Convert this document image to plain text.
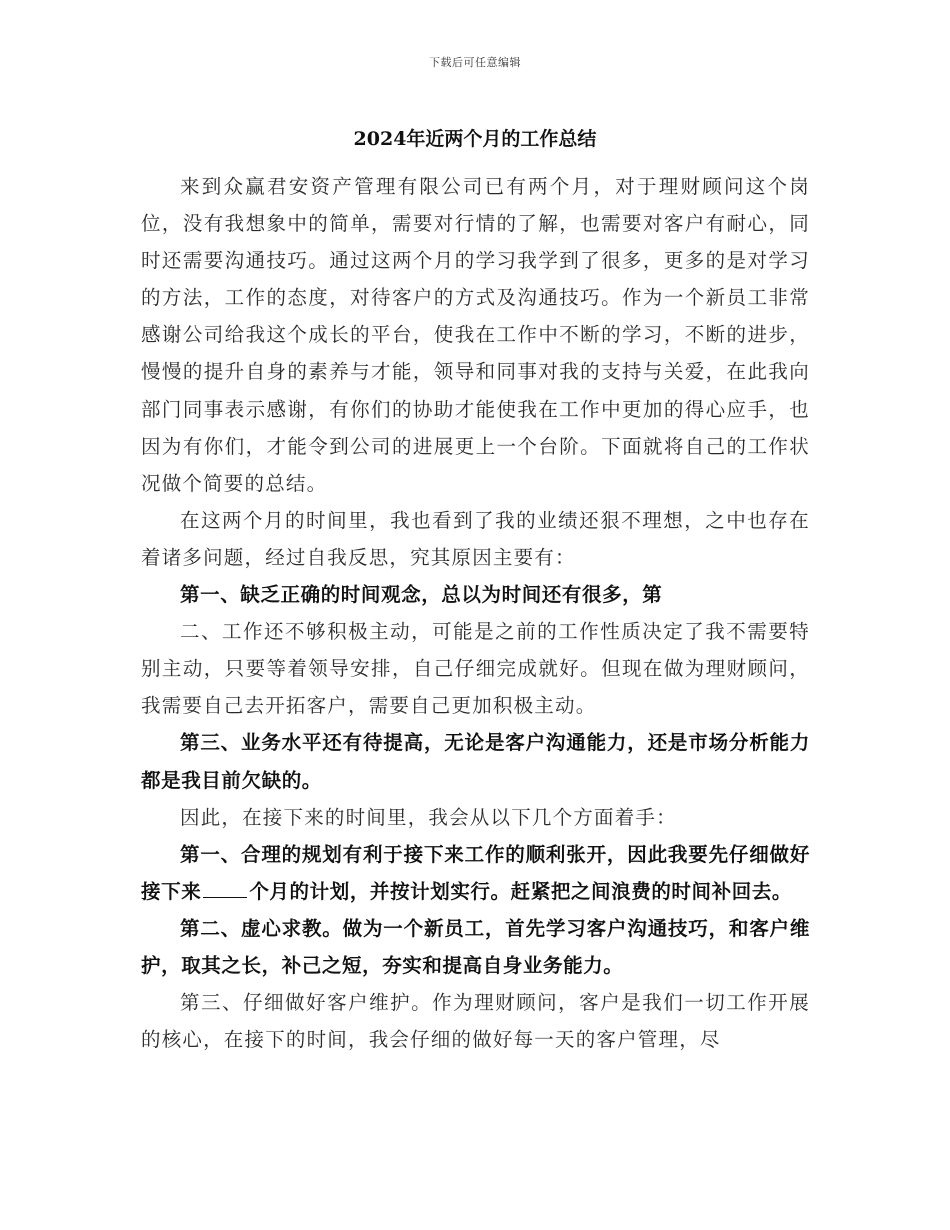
下载后可任意编辑
2024年近两个月的工作总结

来到众赢君安资产管理有限公司已有两个月，对于理财顾问这个岗位，没有我想象中的简单，需要对行情的了解，也需要对客户有耐心，同时还需要沟通技巧。通过这两个月的学习我学到了很多，更多的是对学习的方法，工作的态度，对待客户的方式及沟通技巧。作为一个新员工非常感谢公司给我这个成长的平台，使我在工作中不断的学习，不断的进步，慢慢的提升自身的素养与才能，领导和同事对我的支持与关爱，在此我向部门同事表示感谢，有你们的协助才能使我在工作中更加的得心应手，也因为有你们，才能令到公司的进展更上一个台阶。下面就将自己的工作状况做个简要的总结。

在这两个月的时间里，我也看到了我的业绩还狠不理想，之中也存在着诸多问题，经过自我反思，究其原因主要有：

第一、缺乏正确的时间观念，总以为时间还有很多，第

二、工作还不够积极主动，可能是之前的工作性质决定了我不需要特别主动，只要等着领导安排，自己仔细完成就好。但现在做为理财顾问，我需要自己去开拓客户，需要自己更加积极主动。

第三、业务水平还有待提高，无论是客户沟通能力，还是市场分析能力都是我目前欠缺的。

因此，在接下来的时间里，我会从以下几个方面着手：

第一、合理的规划有利于接下来工作的顺利张开，因此我要先仔细做好接下来 个月的计划，并按计划实行。赶紧把之间浪费的时间补回去。

第二、虚心求教。做为一个新员工，首先学习客户沟通技巧，和客户维护，取其之长，补己之短，夯实和提高自身业务能力。

第三、仔细做好客户维护。作为理财顾问，客户是我们一切工作开展的核心，在接下的时间，我会仔细的做好每一天的客户管理，尽
